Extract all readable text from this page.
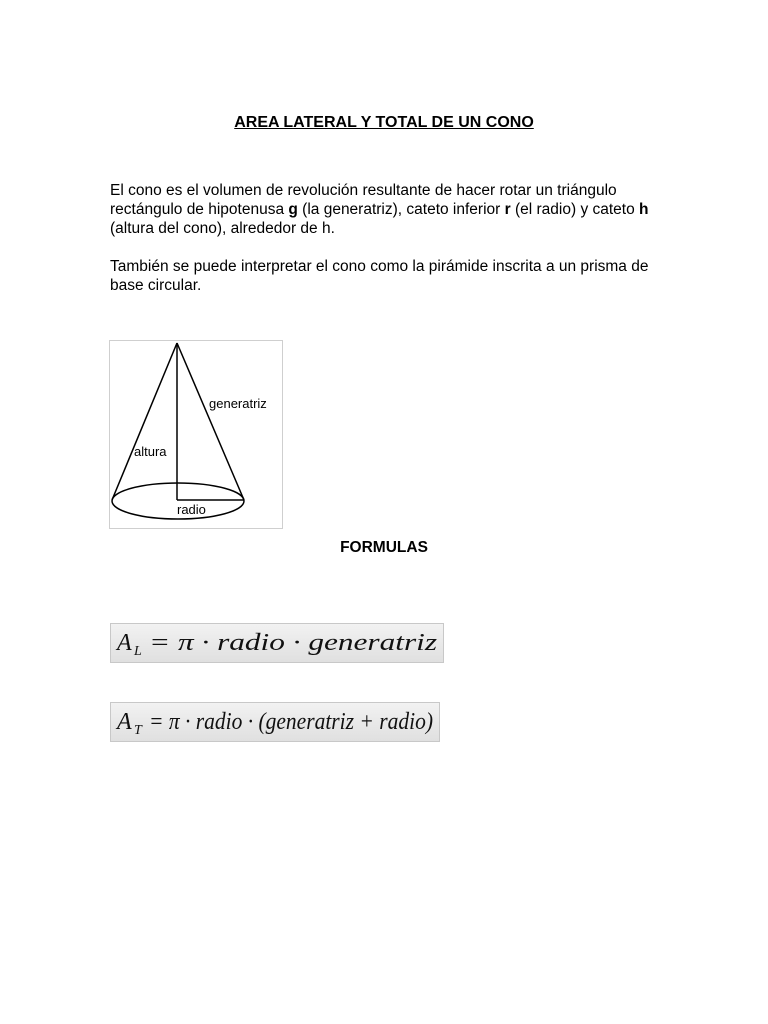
AREA LATERAL Y TOTAL DE UN CONO
El cono es el volumen de revolución resultante de hacer rotar un triángulo rectángulo de hipotenusa g (la generatriz), cateto inferior r (el radio) y cateto h (altura del cono), alrededor de h.
También se puede interpretar el cono como la pirámide inscrita a un prisma de base circular.
generatriz
altura
radio
FORMULAS
A L = π · radio · generatriz
A T = π · radio · (generatriz + radio)
